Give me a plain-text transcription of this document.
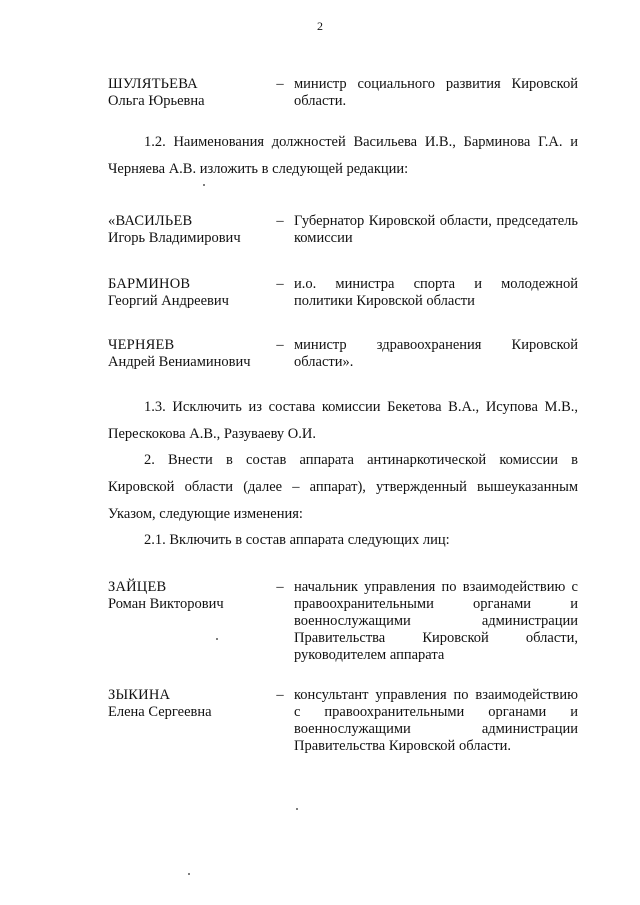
2
ШУЛЯТЬЕВА
Ольга Юрьевна
– министр социального развития Кировской области.
1.2. Наименования должностей Васильева И.В., Барминова Г.А. и Черняева А.В. изложить в следующей редакции:
«ВАСИЛЬЕВ
Игорь Владимирович
– Губернатор Кировской области, председатель комиссии
БАРМИНОВ
Георгий Андреевич
– и.о. министра спорта и молодежной политики Кировской области
ЧЕРНЯЕВ
Андрей Вениаминович
– министр здравоохранения Кировской области».
1.3. Исключить из состава комиссии Бекетова В.А., Исупова М.В., Перескокова А.В., Разуваеву О.И.
2. Внести в состав аппарата антинаркотической комиссии в Кировской области (далее – аппарат), утвержденный вышеуказанным Указом, следующие изменения:
2.1. Включить в состав аппарата следующих лиц:
ЗАЙЦЕВ
Роман Викторович
– начальник управления по взаимодействию с правоохранительными органами и военнослужащими администрации Правительства Кировской области, руководителем аппарата
ЗЫКИНА
Елена Сергеевна
– консультант управления по взаимодействию с правоохранительными органами и военнослужащими администрации Правительства Кировской области.
